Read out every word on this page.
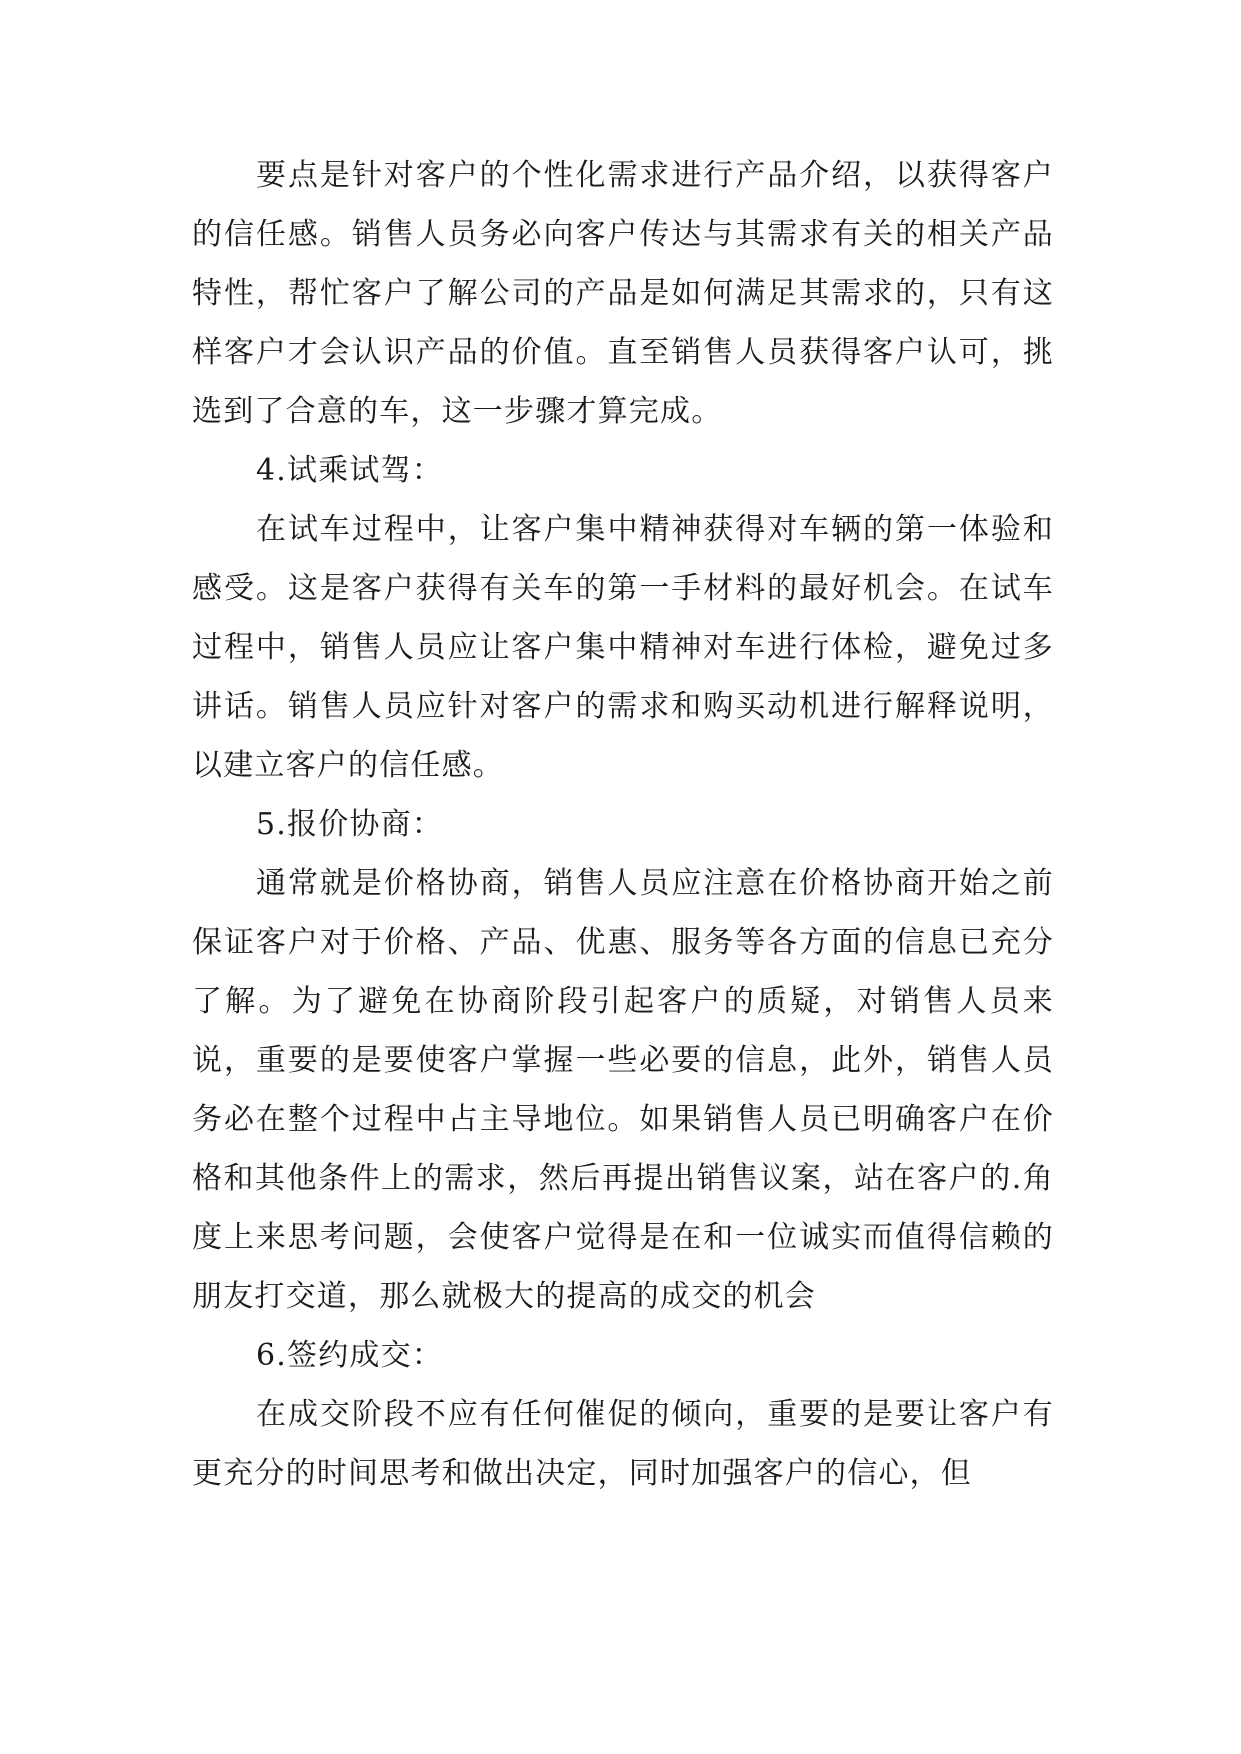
要点是针对客户的个性化需求进行产品介绍，以获得客户的信任感。销售人员务必向客户传达与其需求有关的相关产品特性，帮忙客户了解公司的产品是如何满足其需求的，只有这样客户才会认识产品的价值。直至销售人员获得客户认可，挑选到了合意的车，这一步骤才算完成。

4.试乘试驾：

在试车过程中，让客户集中精神获得对车辆的第一体验和感受。这是客户获得有关车的第一手材料的最好机会。在试车过程中，销售人员应让客户集中精神对车进行体检，避免过多讲话。销售人员应针对客户的需求和购买动机进行解释说明，以建立客户的信任感。

5.报价协商：

通常就是价格协商，销售人员应注意在价格协商开始之前保证客户对于价格、产品、优惠、服务等各方面的信息已充分了解。为了避免在协商阶段引起客户的质疑，对销售人员来说，重要的是要使客户掌握一些必要的信息，此外，销售人员务必在整个过程中占主导地位。如果销售人员已明确客户在价格和其他条件上的需求，然后再提出销售议案，站在客户的.角度上来思考问题，会使客户觉得是在和一位诚实而值得信赖的朋友打交道，那么就极大的提高的成交的机会

6.签约成交：

在成交阶段不应有任何催促的倾向，重要的是要让客户有更充分的时间思考和做出决定，同时加强客户的信心，但
